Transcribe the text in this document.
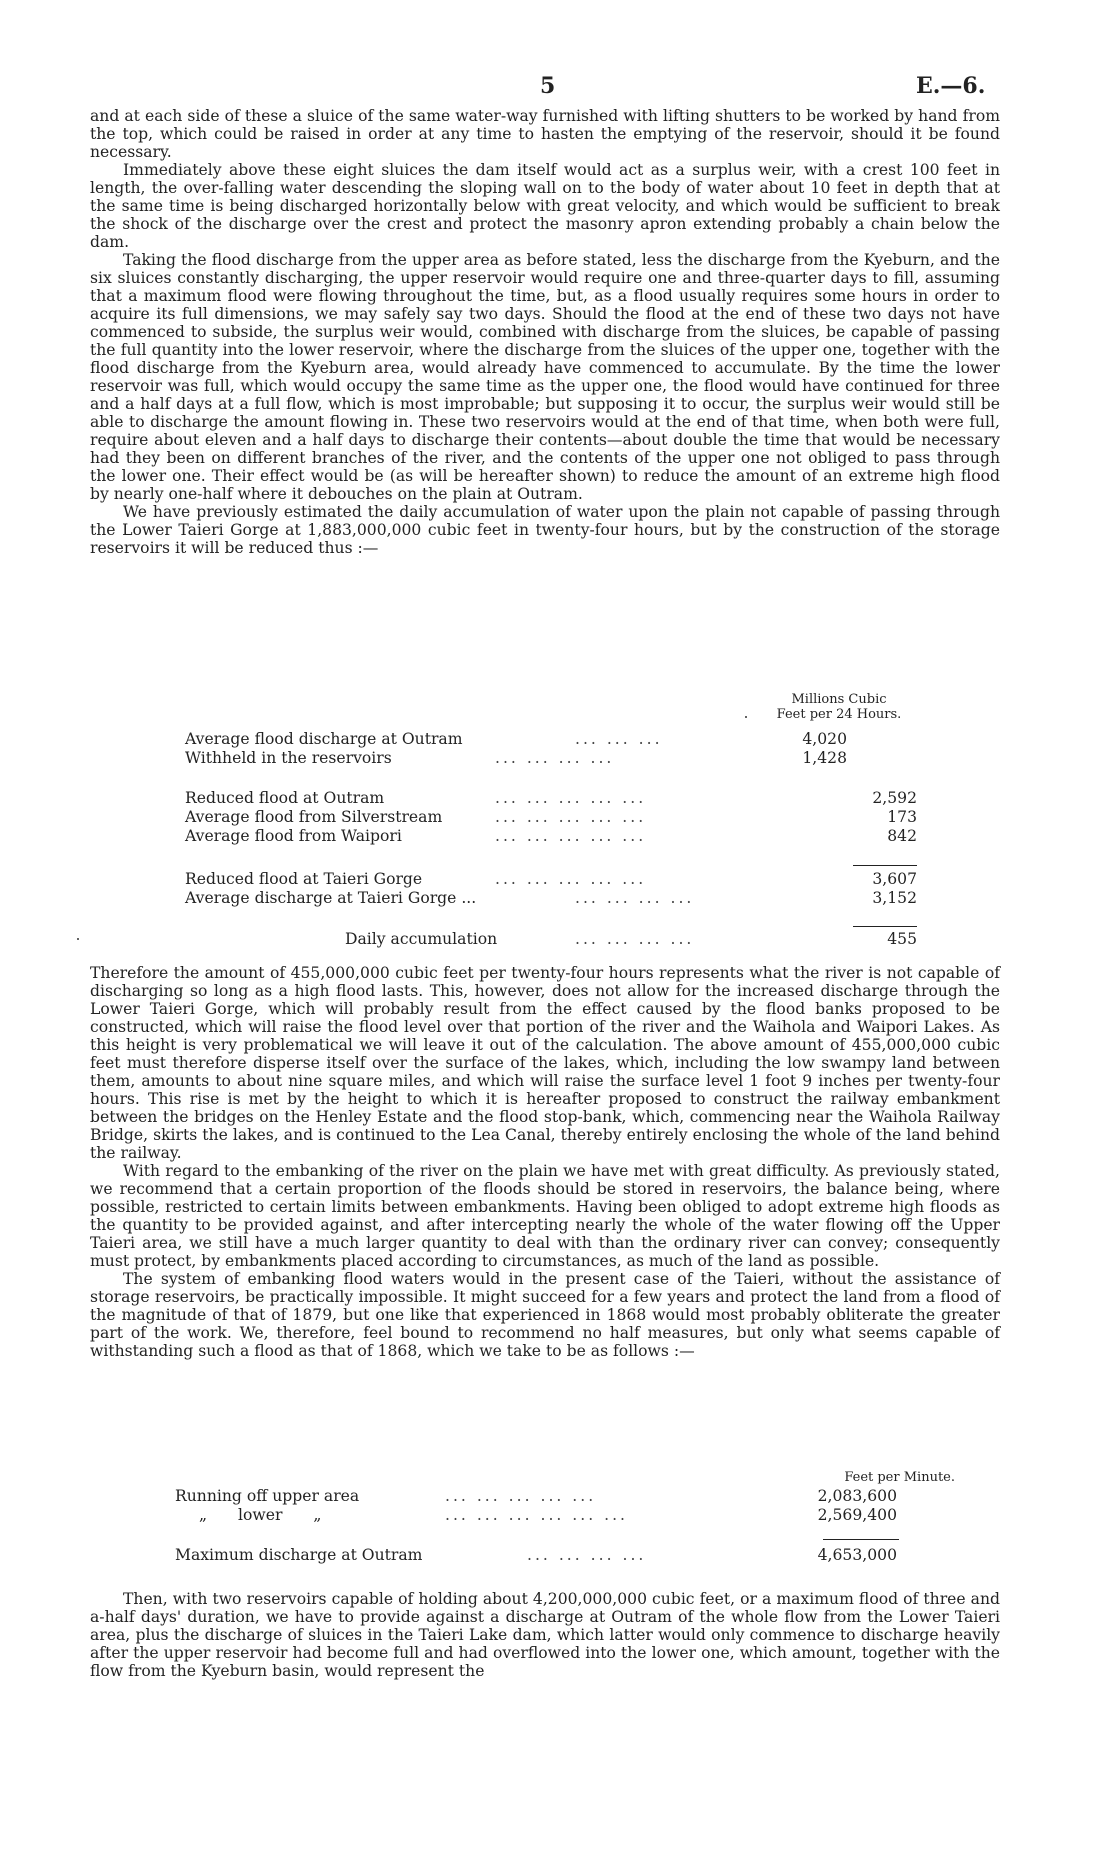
5	E.—6.

and at each side of these a sluice of the same water-way furnished with lifting shutters to be worked by hand from the top, which could be raised in order at any time to hasten the emptying of the reservoir, should it be found necessary.

Immediately above these eight sluices the dam itself would act as a surplus weir, with a crest 100 feet in length, the over-falling water descending the sloping wall on to the body of water about 10 feet in depth that at the same time is being discharged horizontally below with great velocity, and which would be sufficient to break the shock of the discharge over the crest and protect the masonry apron extending probably a chain below the dam.

Taking the flood discharge from the upper area as before stated, less the discharge from the Kyeburn, and the six sluices constantly discharging, the upper reservoir would require one and three-quarter days to fill, assuming that a maximum flood were flowing throughout the time, but, as a flood usually requires some hours in order to acquire its full dimensions, we may safely say two days. Should the flood at the end of these two days not have commenced to subside, the surplus weir would, combined with discharge from the sluices, be capable of passing the full quantity into the lower reservoir, where the discharge from the sluices of the upper one, together with the flood discharge from the Kyeburn area, would already have commenced to accumulate. By the time the lower reservoir was full, which would occupy the same time as the upper one, the flood would have continued for three and a half days at a full flow, which is most improbable; but supposing it to occur, the surplus weir would still be able to discharge the amount flowing in. These two reservoirs would at the end of that time, when both were full, require about eleven and a half days to discharge their contents—about double the time that would be necessary had they been on different branches of the river, and the contents of the upper one not obliged to pass through the lower one. Their effect would be (as will be hereafter shown) to reduce the amount of an extreme high flood by nearly one-half where it debouches on the plain at Outram.

We have previously estimated the daily accumulation of water upon the plain not capable of passing through the Lower Taieri Gorge at 1,883,000,000 cubic feet in twenty-four hours, but by the construction of the storage reservoirs it will be reduced thus :—

Millions Cubic
Feet per 24 Hours.
Average flood discharge at Outram	... ... ...	4,020
Withheld in the reservoirs	... ... ... ...	1,428
Reduced flood at Outram	... ... ... ... ...	2,592
Average flood from Silverstream	... ... ... ... ...	173
Average flood from Waipori	... ... ... ... ...	842
Reduced flood at Taieri Gorge	... ... ... ... ...	3,607
Average discharge at Taieri Gorge ...	... ... ... ...	3,152
Daily accumulation	... ... ... ...	455

Therefore the amount of 455,000,000 cubic feet per twenty-four hours represents what the river is not capable of discharging so long as a high flood lasts. This, however, does not allow for the increased discharge through the Lower Taieri Gorge, which will probably result from the effect caused by the flood banks proposed to be constructed, which will raise the flood level over that portion of the river and the Waihola and Waipori Lakes. As this height is very problematical we will leave it out of the calculation. The above amount of 455,000,000 cubic feet must therefore disperse itself over the surface of the lakes, which, including the low swampy land between them, amounts to about nine square miles, and which will raise the surface level 1 foot 9 inches per twenty-four hours. This rise is met by the height to which it is hereafter proposed to construct the railway embankment between the bridges on the Henley Estate and the flood stop-bank, which, commencing near the Waihola Railway Bridge, skirts the lakes, and is continued to the Lea Canal, thereby entirely enclosing the whole of the land behind the railway.

With regard to the embanking of the river on the plain we have met with great difficulty. As previously stated, we recommend that a certain proportion of the floods should be stored in reservoirs, the balance being, where possible, restricted to certain limits between embankments. Having been obliged to adopt extreme high floods as the quantity to be provided against, and after intercepting nearly the whole of the water flowing off the Upper Taieri area, we still have a much larger quantity to deal with than the ordinary river can convey; consequently must protect, by embankments placed according to circumstances, as much of the land as possible.

The system of embanking flood waters would in the present case of the Taieri, without the assistance of storage reservoirs, be practically impossible. It might succeed for a few years and protect the land from a flood of the magnitude of that of 1879, but one like that experienced in 1868 would most probably obliterate the greater part of the work. We, therefore, feel bound to recommend no half measures, but only what seems capable of withstanding such a flood as that of 1868, which we take to be as follows :—

Feet per Minute.
Running off upper area	... ... ... ... ...	2,083,600
„ lower „	... ... ... ... ... ...	2,569,400
Maximum discharge at Outram	... ... ... ...	4,653,000

Then, with two reservoirs capable of holding about 4,200,000,000 cubic feet, or a maximum flood of three and a-half days' duration, we have to provide against a discharge at Outram of the whole flow from the Lower Taieri area, plus the discharge of sluices in the Taieri Lake dam, which latter would only commence to discharge heavily after the upper reservoir had become full and had overflowed into the lower one, which amount, together with the flow from the Kyeburn basin, would represent the
